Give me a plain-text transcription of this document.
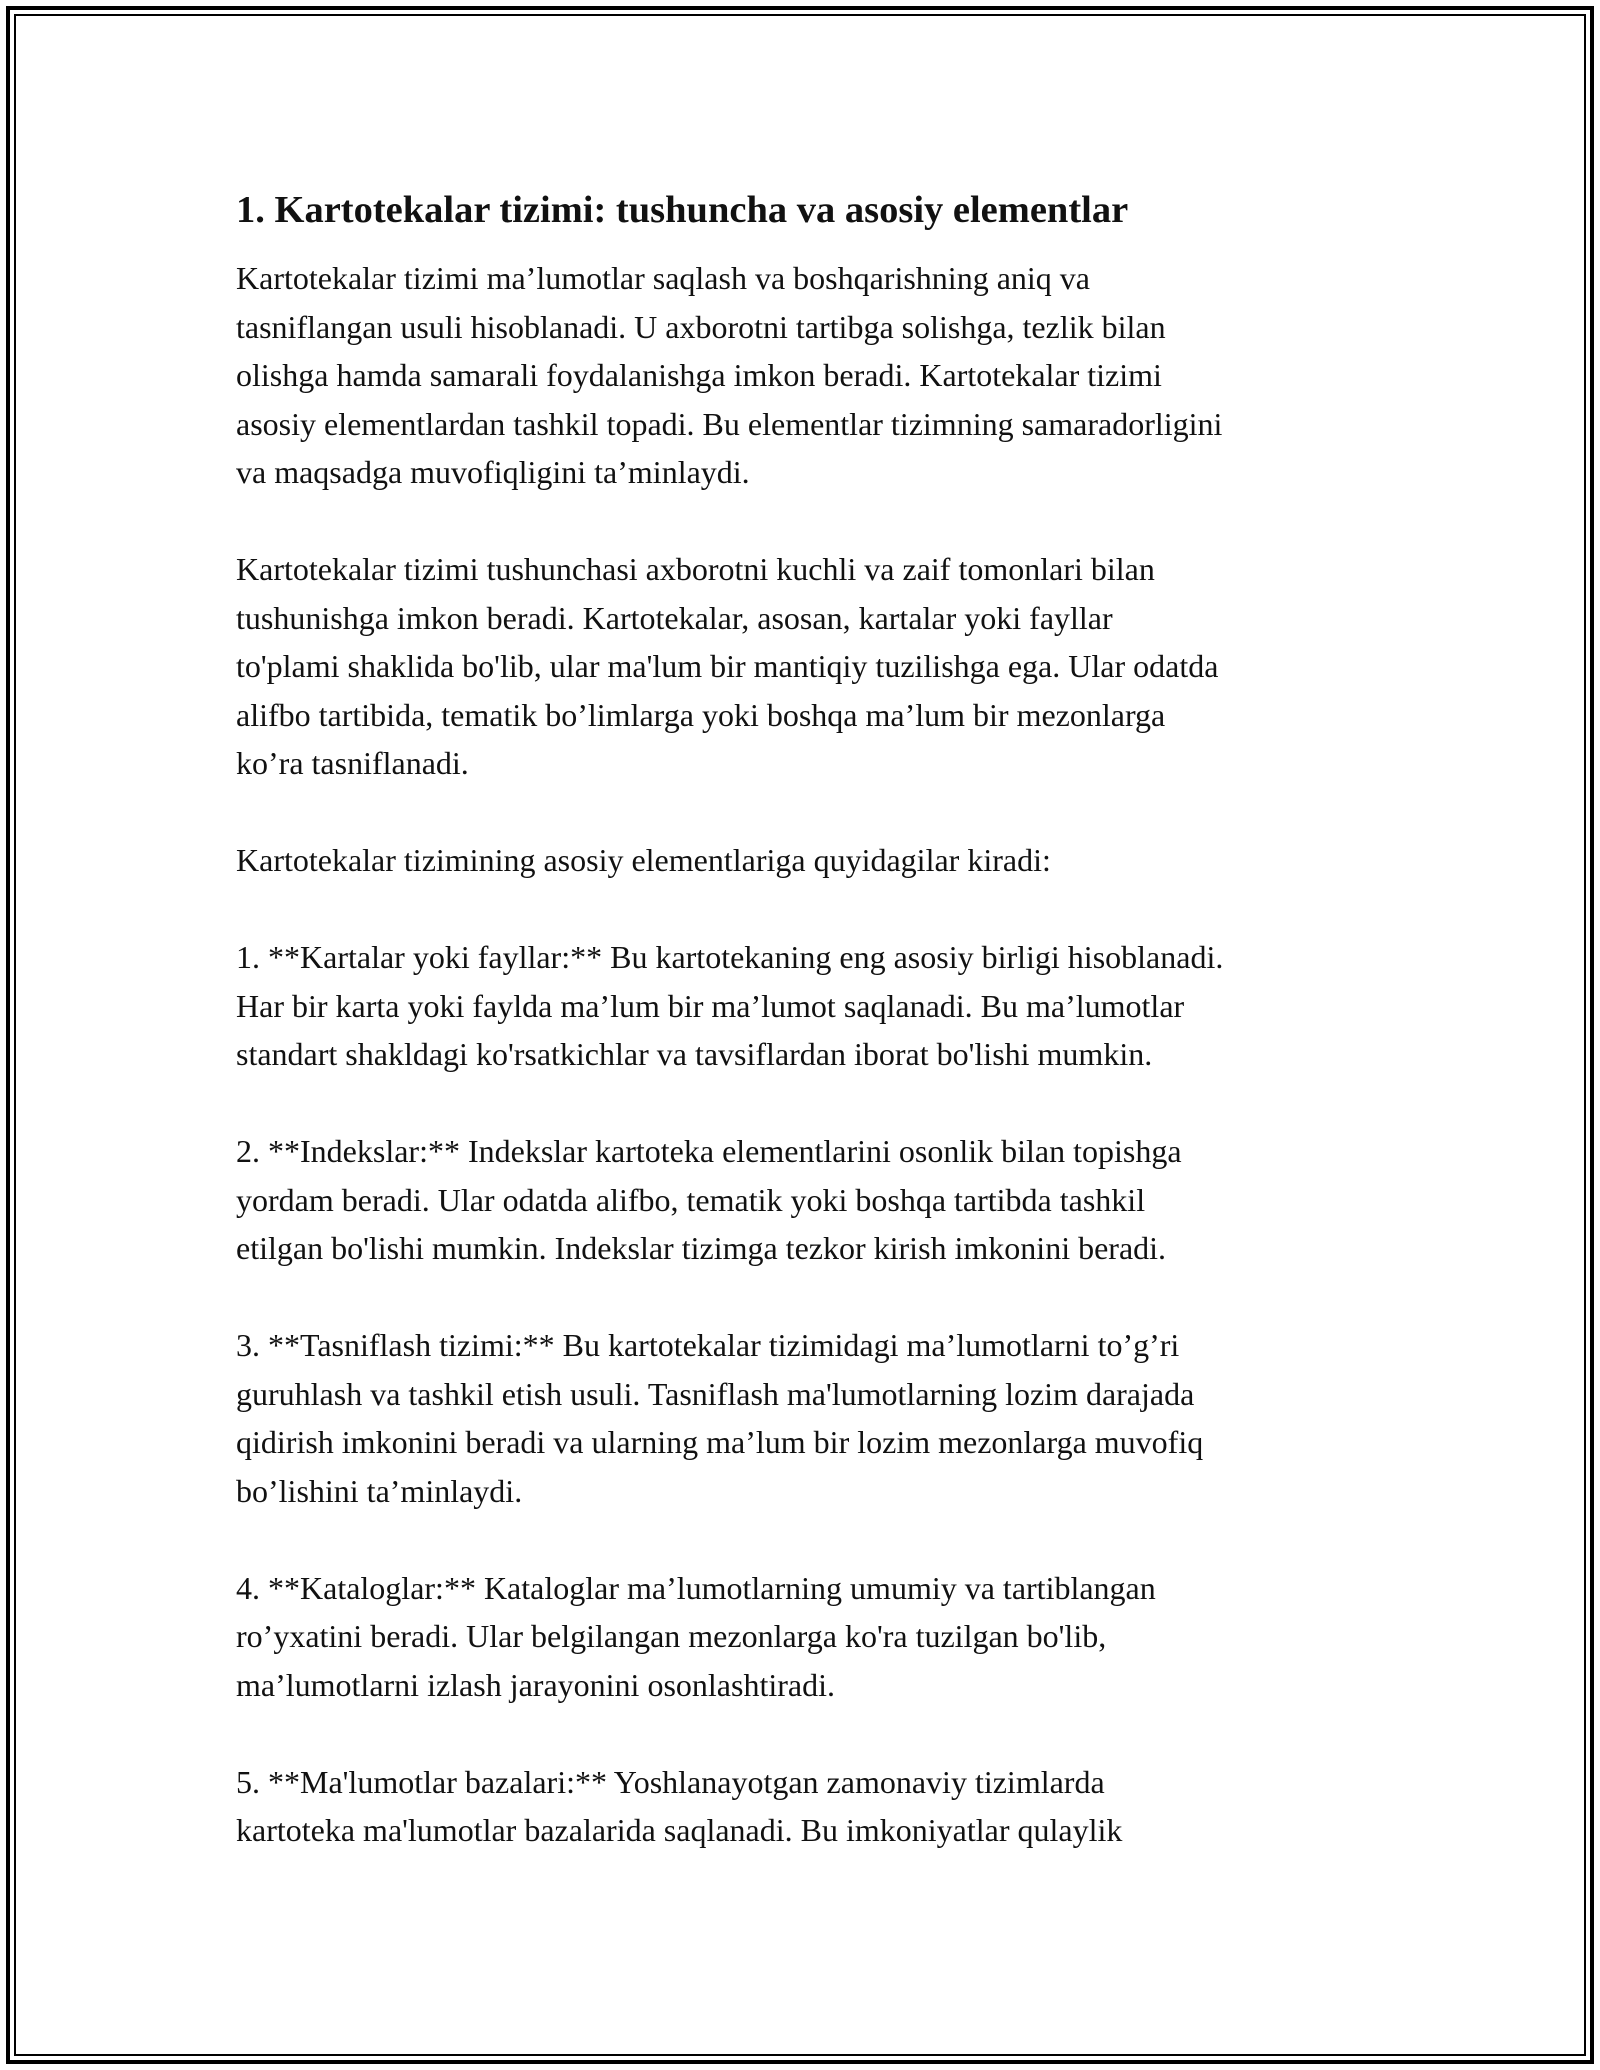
1. Kartotekalar tizimi: tushuncha va asosiy elementlar

Kartotekalar tizimi ma’lumotlar saqlash va boshqarishning aniq va
tasniflangan usuli hisoblanadi. U axborotni tartibga solishga, tezlik bilan
olishga hamda samarali foydalanishga imkon beradi. Kartotekalar tizimi
asosiy elementlardan tashkil topadi. Bu elementlar tizimning samaradorligini
va maqsadga muvofiqligini ta’minlaydi.

Kartotekalar tizimi tushunchasi axborotni kuchli va zaif tomonlari bilan
tushunishga imkon beradi. Kartotekalar, asosan, kartalar yoki fayllar
to'plami shaklida bo'lib, ular ma'lum bir mantiqiy tuzilishga ega. Ular odatda
alifbo tartibida, tematik bo’limlarga yoki boshqa ma’lum bir mezonlarga
ko’ra tasniflanadi.

Kartotekalar tizimining asosiy elementlariga quyidagilar kiradi:

1. **Kartalar yoki fayllar:** Bu kartotekaning eng asosiy birligi hisoblanadi.
Har bir karta yoki faylda ma’lum bir ma’lumot saqlanadi. Bu ma’lumotlar
standart shakldagi ko'rsatkichlar va tavsiflardan iborat bo'lishi mumkin.

2. **Indekslar:** Indekslar kartoteka elementlarini osonlik bilan topishga
yordam beradi. Ular odatda alifbo, tematik yoki boshqa tartibda tashkil
etilgan bo'lishi mumkin. Indekslar tizimga tezkor kirish imkonini beradi.

3. **Tasniflash tizimi:** Bu kartotekalar tizimidagi ma’lumotlarni to’g’ri
guruhlash va tashkil etish usuli. Tasniflash ma'lumotlarning lozim darajada
qidirish imkonini beradi va ularning ma’lum bir lozim mezonlarga muvofiq
bo’lishini ta’minlaydi.

4. **Kataloglar:** Kataloglar ma’lumotlarning umumiy va tartiblangan
ro’yxatini beradi. Ular belgilangan mezonlarga ko'ra tuzilgan bo'lib,
ma’lumotlarni izlash jarayonini osonlashtiradi.

5. **Ma'lumotlar bazalari:** Yoshlanayotgan zamonaviy tizimlarda
kartoteka ma'lumotlar bazalarida saqlanadi. Bu imkoniyatlar qulaylik
